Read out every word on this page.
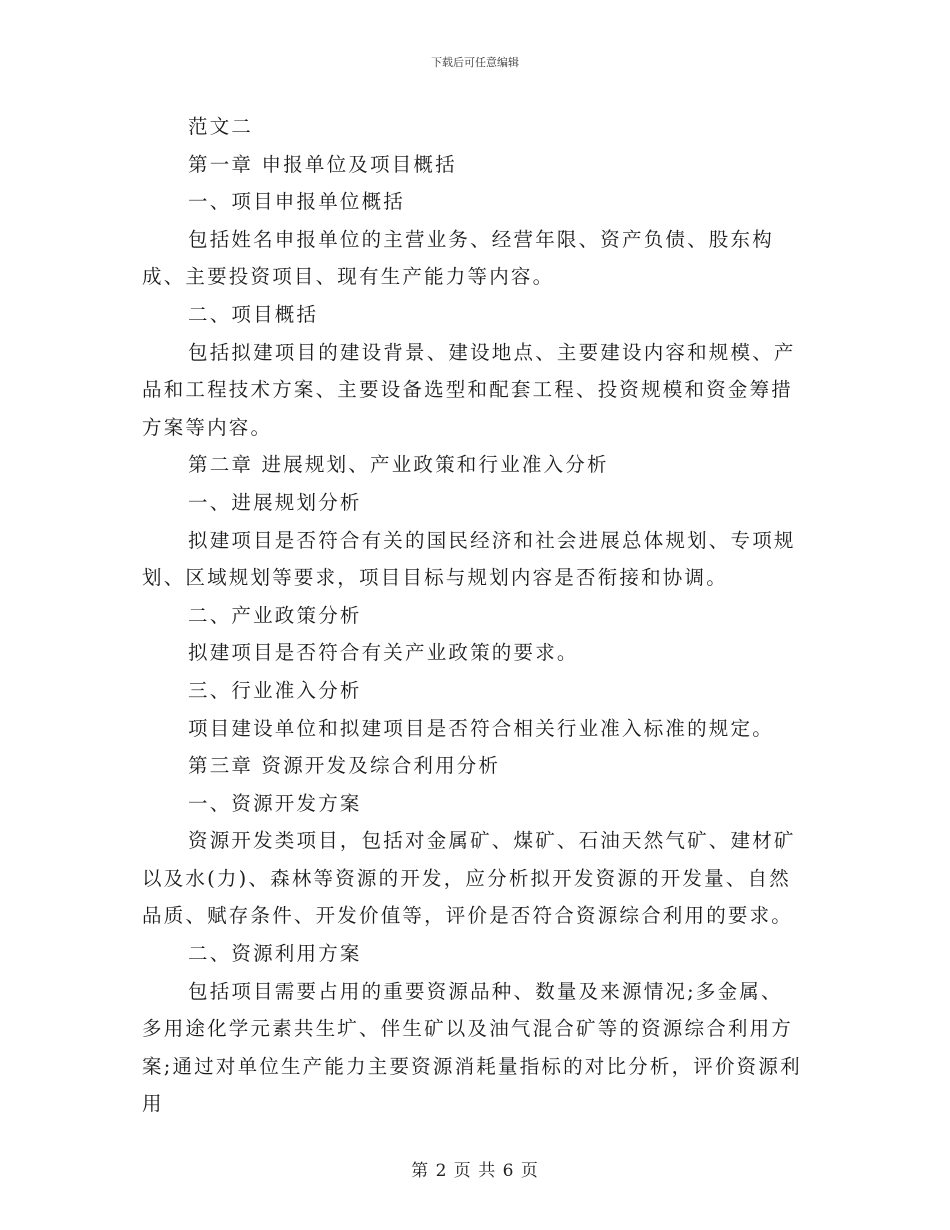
下载后可任意编辑

范文二

第一章 申报单位及项目概括

一、项目申报单位概括

包括姓名申报单位的主营业务、经营年限、资产负债、股东构成、主要投资项目、现有生产能力等内容。

二、项目概括

包括拟建项目的建设背景、建设地点、主要建设内容和规模、产品和工程技术方案、主要设备选型和配套工程、投资规模和资金筹措方案等内容。

第二章 进展规划、产业政策和行业准入分析

一、进展规划分析

拟建项目是否符合有关的国民经济和社会进展总体规划、专项规划、区域规划等要求，项目目标与规划内容是否衔接和协调。

二、产业政策分析

拟建项目是否符合有关产业政策的要求。

三、行业准入分析

项目建设单位和拟建项目是否符合相关行业准入标准的规定。

第三章 资源开发及综合利用分析

一、资源开发方案

资源开发类项目，包括对金属矿、煤矿、石油天然气矿、建材矿以及水(力)、森林等资源的开发，应分析拟开发资源的开发量、自然品质、赋存条件、开发价值等，评价是否符合资源综合利用的要求。

二、资源利用方案

包括项目需要占用的重要资源品种、数量及来源情况;多金属、多用途化学元素共生圹、伴生矿以及油气混合矿等的资源综合利用方案;通过对单位生产能力主要资源消耗量指标的对比分析，评价资源利用

第 2 页 共 6 页
